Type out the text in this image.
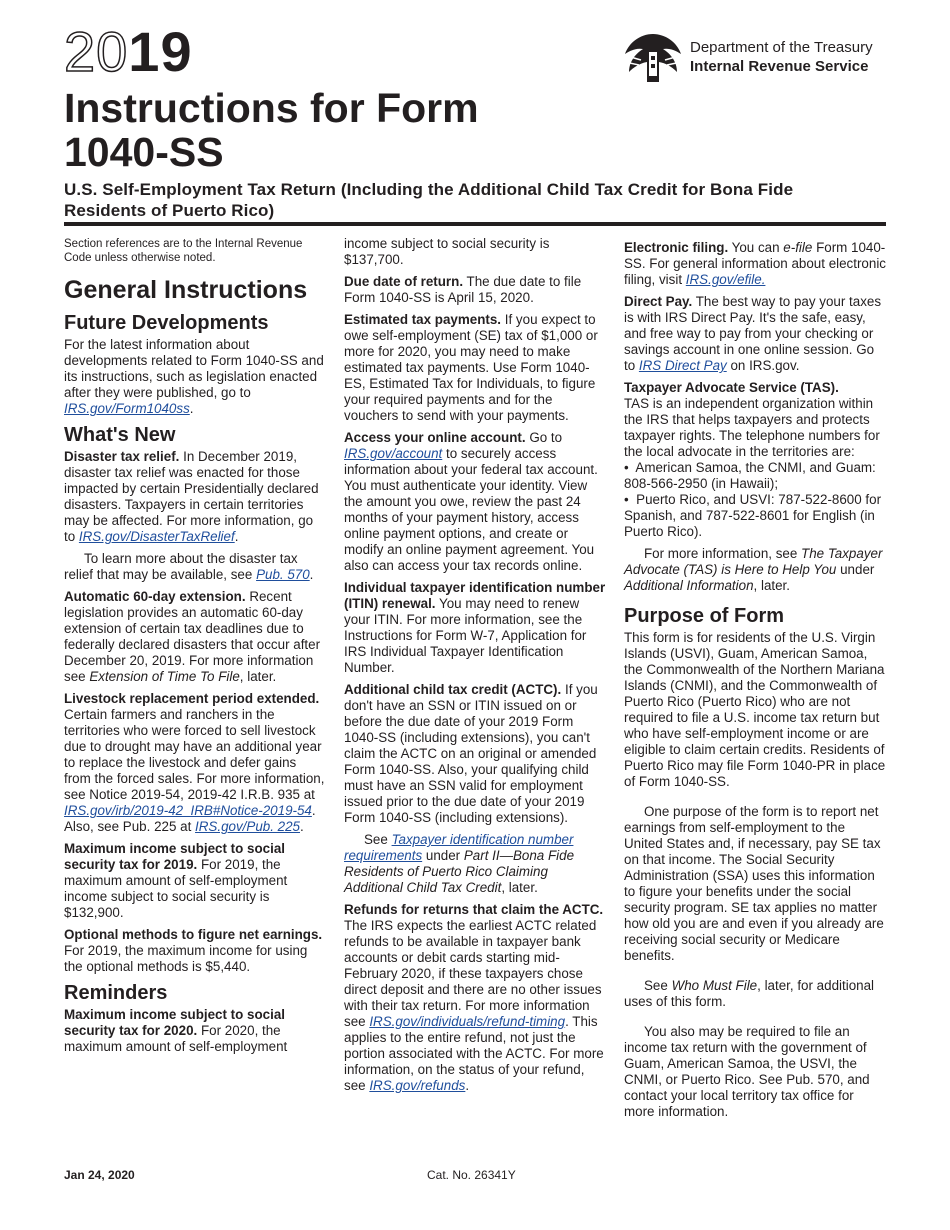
2019
Instructions for Form 1040-SS
U.S. Self-Employment Tax Return (Including the Additional Child Tax Credit for Bona Fide Residents of Puerto Rico)
Department of the Treasury
Internal Revenue Service

Section references are to the Internal Revenue Code unless otherwise noted.

General Instructions
Future Developments

For the latest information about developments related to Form 1040-SS and its instructions, such as legislation enacted after they were published, go to IRS.gov/Form1040ss.

What's New

Disaster tax relief. In December 2019, disaster tax relief was enacted for those impacted by certain Presidentially declared disasters. Taxpayers in certain territories may be affected. For more information, go to IRS.gov/DisasterTaxRelief.

To learn more about the disaster tax relief that may be available, see Pub. 570.

Automatic 60-day extension. Recent legislation provides an automatic 60-day extension of certain tax deadlines due to federally declared disasters that occur after December 20, 2019. For more information see Extension of Time To File, later.

Livestock replacement period extended. Certain farmers and ranchers in the territories who were forced to sell livestock due to drought may have an additional year to replace the livestock and defer gains from the forced sales. For more information, see Notice 2019-54, 2019-42 I.R.B. 935 at IRS.gov/irb/2019-42_IRB#Notice-2019-54. Also, see Pub. 225 at IRS.gov/Pub. 225.

Maximum income subject to social security tax for 2019. For 2019, the maximum amount of self-employment income subject to social security is $132,900.

Optional methods to figure net earnings. For 2019, the maximum income for using the optional methods is $5,440.

Reminders

Maximum income subject to social security tax for 2020. For 2020, the maximum amount of self-employment

income subject to social security is $137,700.

Due date of return. The due date to file Form 1040-SS is April 15, 2020.

Estimated tax payments. If you expect to owe self-employment (SE) tax of $1,000 or more for 2020, you may need to make estimated tax payments. Use Form 1040-ES, Estimated Tax for Individuals, to figure your required payments and for the vouchers to send with your payments.

Access your online account. Go to IRS.gov/account to securely access information about your federal tax account. You must authenticate your identity. View the amount you owe, review the past 24 months of your payment history, access online payment options, and create or modify an online payment agreement. You also can access your tax records online.

Individual taxpayer identification number (ITIN) renewal. You may need to renew your ITIN. For more information, see the Instructions for Form W-7, Application for IRS Individual Taxpayer Identification Number.

Additional child tax credit (ACTC). If you don't have an SSN or ITIN issued on or before the due date of your 2019 Form 1040-SS (including extensions), you can't claim the ACTC on an original or amended Form 1040-SS. Also, your qualifying child must have an SSN valid for employment issued prior to the due date of your 2019 Form 1040-SS (including extensions).

See Taxpayer identification number requirements under Part II—Bona Fide Residents of Puerto Rico Claiming Additional Child Tax Credit, later.

Refunds for returns that claim the ACTC. The IRS expects the earliest ACTC related refunds to be available in taxpayer bank accounts or debit cards starting mid-February 2020, if these taxpayers chose direct deposit and there are no other issues with their tax return. For more information see IRS.gov/individuals/refund-timing. This applies to the entire refund, not just the portion associated with the ACTC. For more information, on the status of your refund, see IRS.gov/refunds.

Electronic filing. You can e-file Form 1040-SS. For general information about electronic filing, visit IRS.gov/efile.

Direct Pay. The best way to pay your taxes is with IRS Direct Pay. It's the safe, easy, and free way to pay from your checking or savings account in one online session. Go to IRS Direct Pay on IRS.gov.

Taxpayer Advocate Service (TAS).
TAS is an independent organization within the IRS that helps taxpayers and protects taxpayer rights. The telephone numbers for the local advocate in the territories are:

•  American Samoa, the CNMI, and Guam: 808-566-2950 (in Hawaii);

•  Puerto Rico, and USVI: 787-522-8600 for Spanish, and 787-522-8601 for English (in Puerto Rico).

For more information, see The Taxpayer Advocate (TAS) is Here to Help You under Additional Information, later.

Purpose of Form

This form is for residents of the U.S. Virgin Islands (USVI), Guam, American Samoa, the Commonwealth of the Northern Mariana Islands (CNMI), and the Commonwealth of Puerto Rico (Puerto Rico) who are not required to file a U.S. income tax return but who have self-employment income or are eligible to claim certain credits. Residents of Puerto Rico may file Form 1040-PR in place of Form 1040-SS.

One purpose of the form is to report net earnings from self-employment to the United States and, if necessary, pay SE tax on that income. The Social Security Administration (SSA) uses this information to figure your benefits under the social security program. SE tax applies no matter how old you are and even if you already are receiving social security or Medicare benefits.

See Who Must File, later, for additional uses of this form.

You also may be required to file an income tax return with the government of Guam, American Samoa, the USVI, the CNMI, or Puerto Rico. See Pub. 570, and contact your local territory tax office for more information.

Jan 24, 2020	Cat. No. 26341Y
